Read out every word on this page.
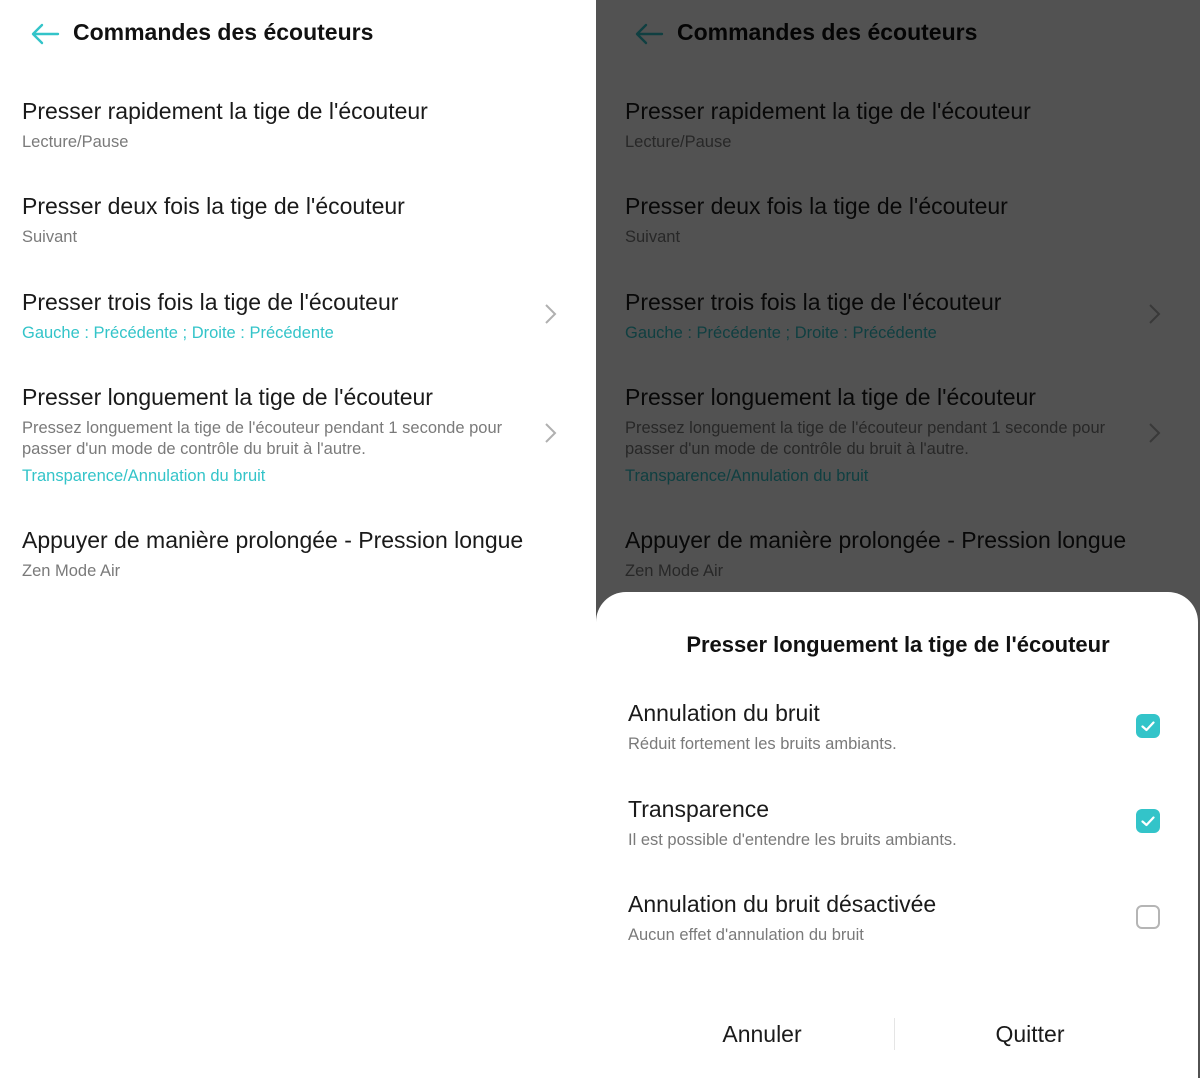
Commandes des écouteurs
Presser rapidement la tige de l'écouteur
Lecture/Pause
Presser deux fois la tige de l'écouteur
Suivant
Presser trois fois la tige de l'écouteur
Gauche : Précédente ; Droite : Précédente
Presser longuement la tige de l'écouteur
Pressez longuement la tige de l'écouteur pendant 1 seconde pour passer d'un mode de contrôle du bruit à l'autre.
Transparence/Annulation du bruit
Appuyer de manière prolongée - Pression longue
Zen Mode Air
Presser longuement la tige de l'écouteur
Annulation du bruit
Réduit fortement les bruits ambiants.
Transparence
Il est possible d'entendre les bruits ambiants.
Annulation du bruit désactivée
Aucun effet d'annulation du bruit
Annuler	Quitter
